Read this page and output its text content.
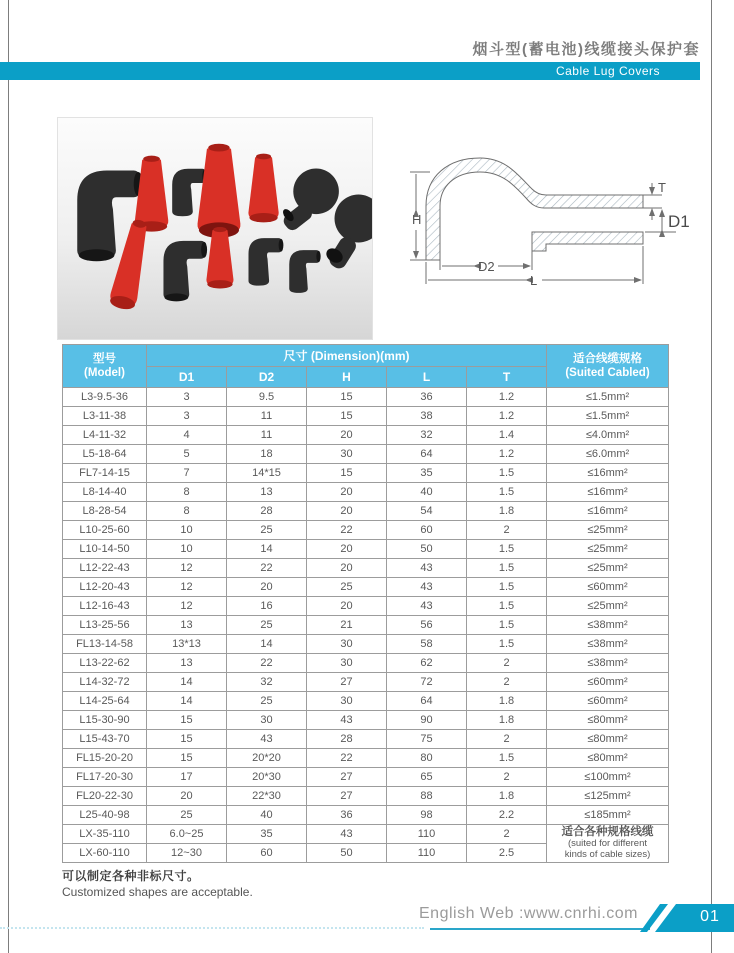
烟斗型(蓄电池)线缆接头保护套
Cable Lug Covers
H
D2
L
T
D1
型号
(Model)	尺寸 (Dimension)(mm)					适合线缆规格
(Suited Cabled)
	D1	D2	H	L	T	
L3-9.5-36	3	9.5	15	36	1.2	≤1.5mm²
L3-11-38	3	11	15	38	1.2	≤1.5mm²
L4-11-32	4	11	20	32	1.4	≤4.0mm²
L5-18-64	5	18	30	64	1.2	≤6.0mm²
FL7-14-15	7	14*15	15	35	1.5	≤16mm²
L8-14-40	8	13	20	40	1.5	≤16mm²
L8-28-54	8	28	20	54	1.8	≤16mm²
L10-25-60	10	25	22	60	2	≤25mm²
L10-14-50	10	14	20	50	1.5	≤25mm²
L12-22-43	12	22	20	43	1.5	≤25mm²
L12-20-43	12	20	25	43	1.5	≤60mm²
L12-16-43	12	16	20	43	1.5	≤25mm²
L13-25-56	13	25	21	56	1.5	≤38mm²
FL13-14-58	13*13	14	30	58	1.5	≤38mm²
L13-22-62	13	22	30	62	2	≤38mm²
L14-32-72	14	32	27	72	2	≤60mm²
L14-25-64	14	25	30	64	1.8	≤60mm²
L15-30-90	15	30	43	90	1.8	≤80mm²
L15-43-70	15	43	28	75	2	≤80mm²
FL15-20-20	15	20*20	22	80	1.5	≤80mm²
FL17-20-30	17	20*30	27	65	2	≤100mm²
FL20-22-30	20	22*30	27	88	1.8	≤125mm²
L25-40-98	25	40	36	98	2.2	≤185mm²
LX-35-110	6.0~25	35	43	110	2	适合各种规格线缆
(suited for different
kinds of cable sizes)

LX-60-110	12~30	60	50	110	2.5	
可以制定各种非标尺寸。
Customized shapes are acceptable.
English Web :www.cnrhi.com	01
